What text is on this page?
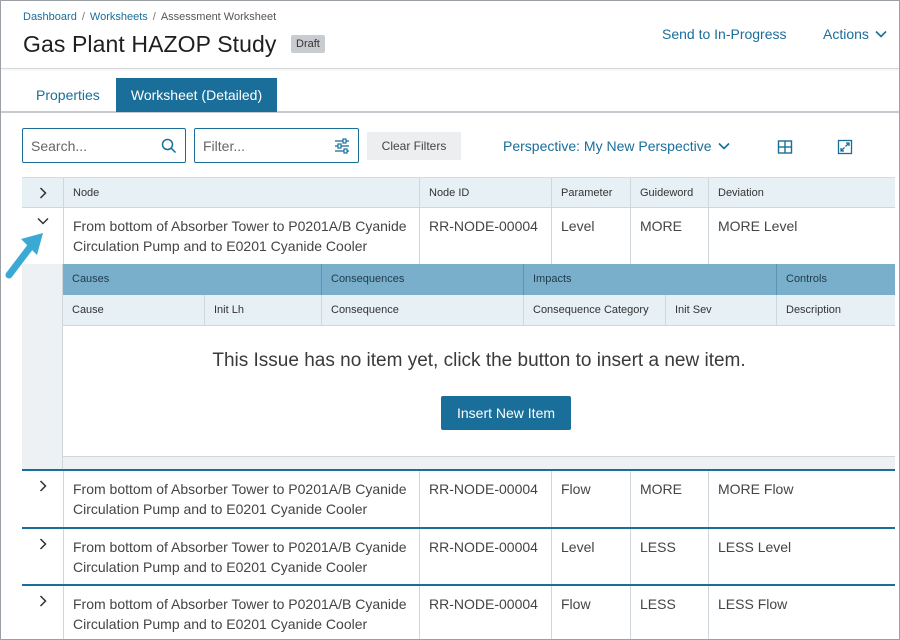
Dashboard / Worksheets / Assessment Worksheet
Gas Plant HAZOP Study	Draft
Send to In-Progress	Actions
Properties	Worksheet (Detailed)
Search...
Filter...
Clear Filters	Perspective: My New Perspective
Node	Node ID	Parameter	Guideword	Deviation
From bottom of Absorber Tower to P0201A/B Cyanide
Circulation Pump and to E0201 Cyanide Cooler
RR-NODE-00004	Level	MORE	MORE Level
Causes	Consequences	Impacts	Controls
Cause	Init Lh	Consequence	Consequence Category	Init Sev	Description
This Issue has no item yet, click the button to insert a new item.
Insert New Item
From bottom of Absorber Tower to P0201A/B Cyanide
Circulation Pump and to E0201 Cyanide Cooler
RR-NODE-00004	Flow	MORE	MORE Flow
From bottom of Absorber Tower to P0201A/B Cyanide
Circulation Pump and to E0201 Cyanide Cooler
RR-NODE-00004	Level	LESS	LESS Level
From bottom of Absorber Tower to P0201A/B Cyanide
Circulation Pump and to E0201 Cyanide Cooler
RR-NODE-00004	Flow	LESS	LESS Flow
